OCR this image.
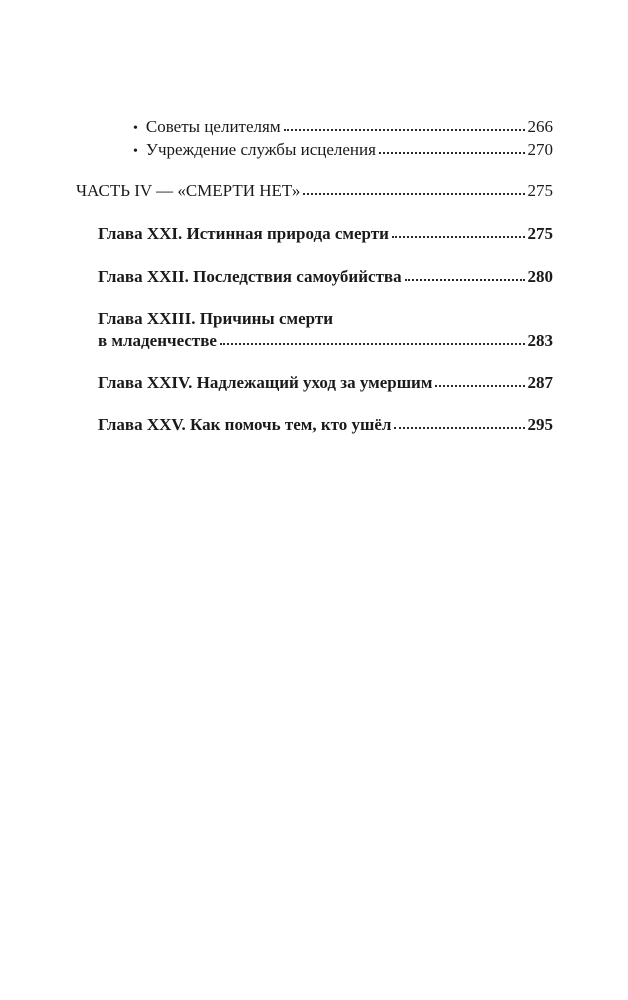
• Советы целителям	266
• Учреждение службы исцеления	270
ЧАСТЬ IV — «СМЕРТИ НЕТ»	275
Глава XXI. Истинная природа смерти	275
Глава XXII. Последствия самоубийства	280
Глава XXIII. Причины смерти
в младенчестве	283
Глава XXIV. Надлежащий уход за умершим	287
Глава XXV. Как помочь тем, кто ушёл	295
